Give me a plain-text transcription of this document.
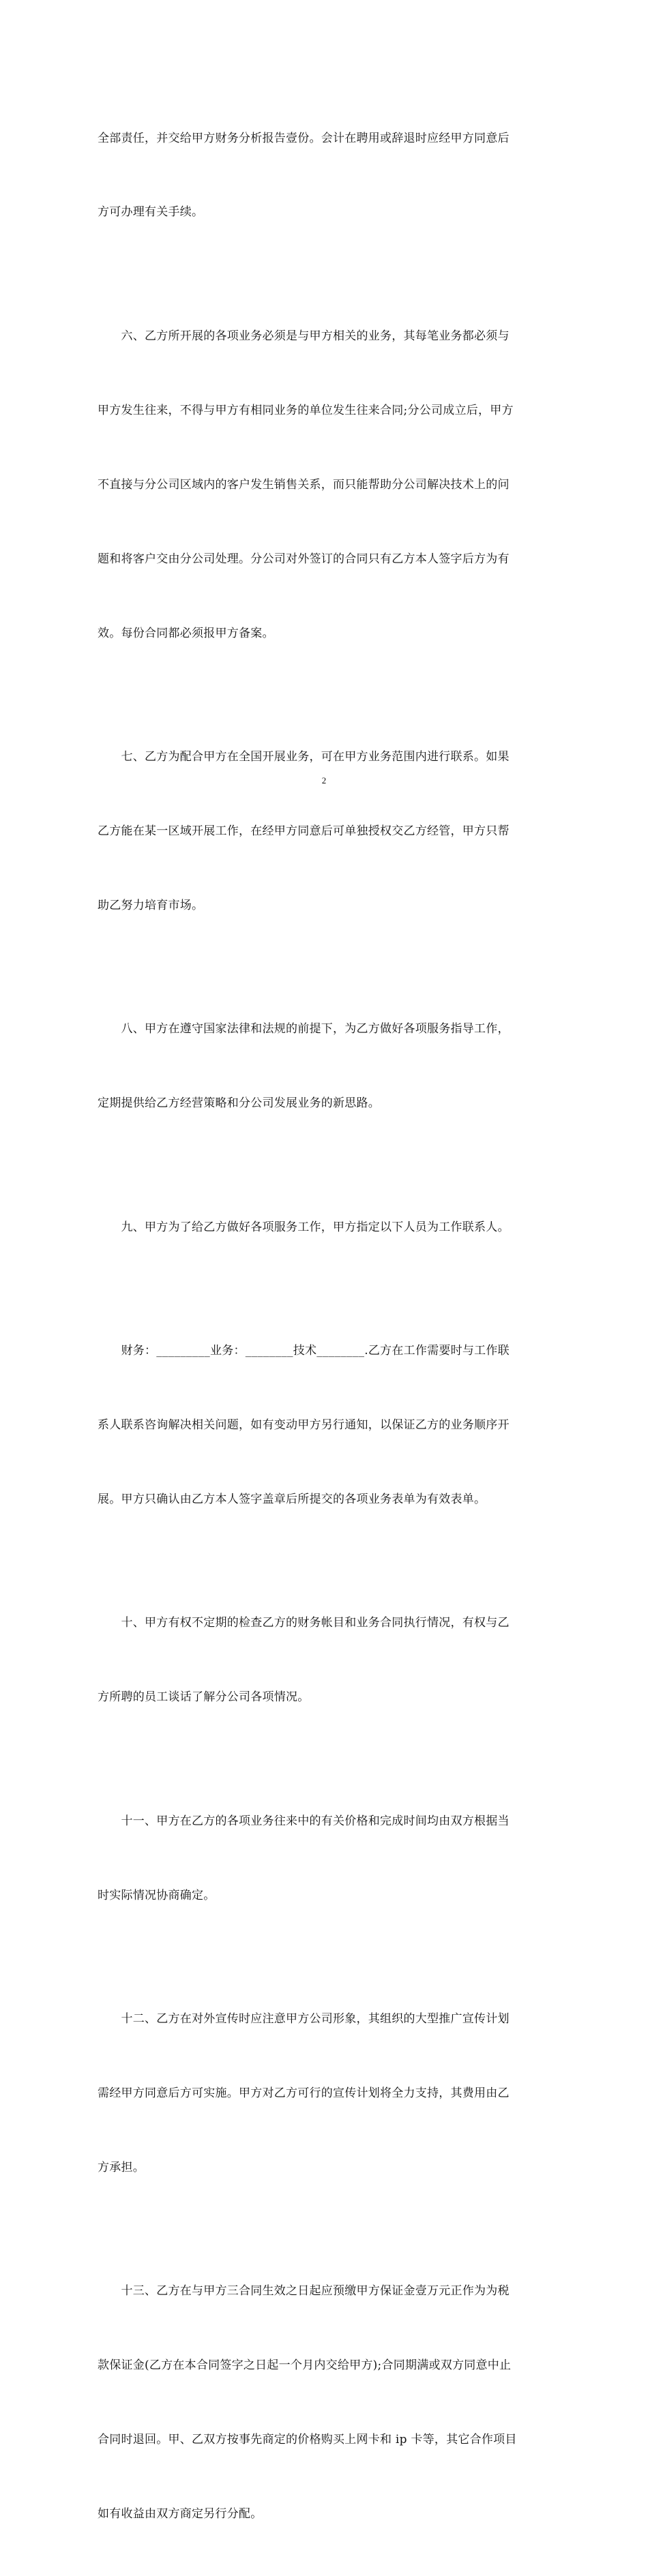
全部责任，并交给甲方财务分析报告壹份。会计在聘用或辞退时应经甲方同意后

方可办理有关手续。

　　六、乙方所开展的各项业务必须是与甲方相关的业务，其每笔业务都必须与

甲方发生往来，不得与甲方有相同业务的单位发生往来合同;分公司成立后，甲方

不直接与分公司区域内的客户发生销售关系，而只能帮助分公司解决技术上的问

题和将客户交由分公司处理。分公司对外签订的合同只有乙方本人签字后方为有

效。每份合同都必须报甲方备案。

　　七、乙方为配合甲方在全国开展业务，可在甲方业务范围内进行联系。如果

乙方能在某一区域开展工作，在经甲方同意后可单独授权交乙方经管，甲方只帮

助乙努力培育市场。

　　八、甲方在遵守国家法律和法规的前提下，为乙方做好各项服务指导工作，

定期提供给乙方经营策略和分公司发展业务的新思路。

　　九、甲方为了给乙方做好各项服务工作，甲方指定以下人员为工作联系人。

　　财务：_________业务：________技术________.乙方在工作需要时与工作联

系人联系咨询解决相关问题，如有变动甲方另行通知，以保证乙方的业务顺序开

展。甲方只确认由乙方本人签字盖章后所提交的各项业务表单为有效表单。

　　十、甲方有权不定期的检查乙方的财务帐目和业务合同执行情况，有权与乙

方所聘的员工谈话了解分公司各项情况。

　　十一、甲方在乙方的各项业务往来中的有关价格和完成时间均由双方根据当

时实际情况协商确定。

　　十二、乙方在对外宣传时应注意甲方公司形象，其组织的大型推广宣传计划

需经甲方同意后方可实施。甲方对乙方可行的宣传计划将全力支持，其费用由乙

方承担。

　　十三、乙方在与甲方三合同生效之日起应预缴甲方保证金壹万元正作为为税

款保证金(乙方在本合同签字之日起一个月内交给甲方);合同期满或双方同意中止

合同时退回。甲、乙双方按事先商定的价格购买上网卡和 ip 卡等，其它合作项目

如有收益由双方商定另行分配。

2
